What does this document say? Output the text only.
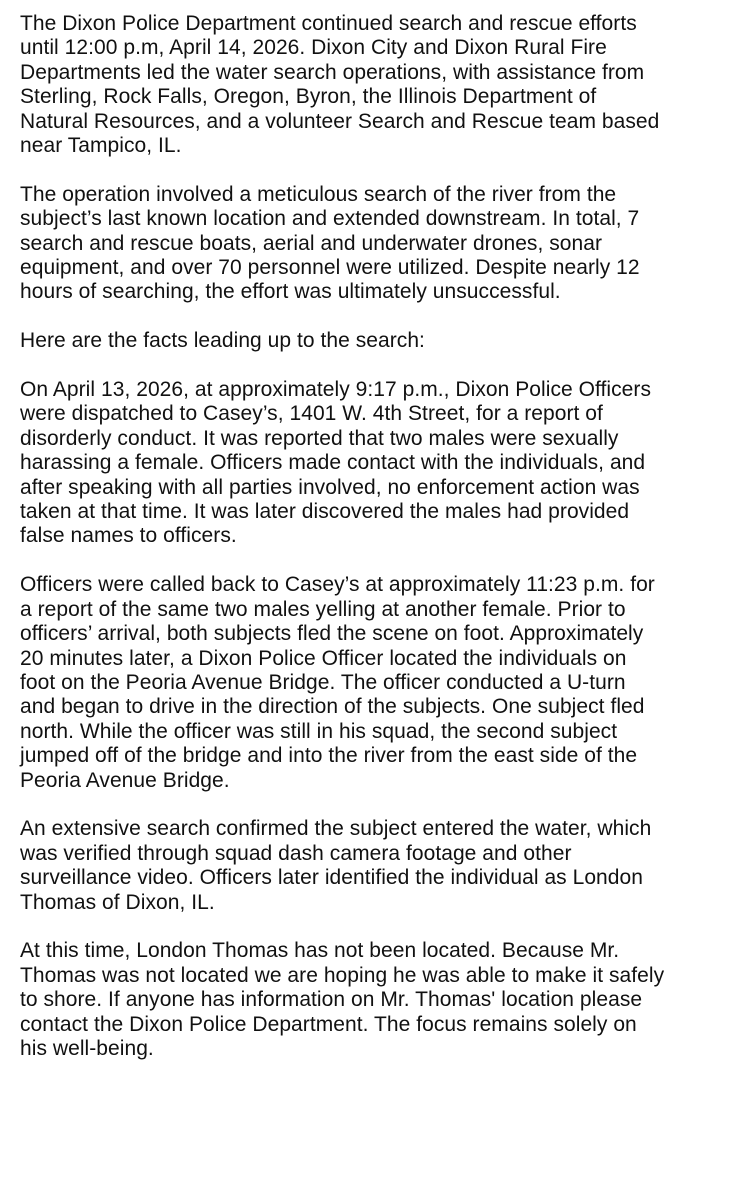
The Dixon Police Department continued search and rescue efforts
until 12:00 p.m, April 14, 2026. Dixon City and Dixon Rural Fire
Departments led the water search operations, with assistance from
Sterling, Rock Falls, Oregon, Byron, the Illinois Department of
Natural Resources, and a volunteer Search and Rescue team based
near Tampico, IL.

The operation involved a meticulous search of the river from the
subject’s last known location and extended downstream. In total, 7
search and rescue boats, aerial and underwater drones, sonar
equipment, and over 70 personnel were utilized. Despite nearly 12
hours of searching, the effort was ultimately unsuccessful.

Here are the facts leading up to the search:

On April 13, 2026, at approximately 9:17 p.m., Dixon Police Officers
were dispatched to Casey’s, 1401 W. 4th Street, for a report of
disorderly conduct. It was reported that two males were sexually
harassing a female. Officers made contact with the individuals, and
after speaking with all parties involved, no enforcement action was
taken at that time. It was later discovered the males had provided
false names to officers.

Officers were called back to Casey’s at approximately 11:23 p.m. for
a report of the same two males yelling at another female. Prior to
officers’ arrival, both subjects fled the scene on foot. Approximately
20 minutes later, a Dixon Police Officer located the individuals on
foot on the Peoria Avenue Bridge. The officer conducted a U-turn
and began to drive in the direction of the subjects. One subject fled
north. While the officer was still in his squad, the second subject
jumped off of the bridge and into the river from the east side of the
Peoria Avenue Bridge.

An extensive search confirmed the subject entered the water, which
was verified through squad dash camera footage and other
surveillance video. Officers later identified the individual as London
Thomas of Dixon, IL.

At this time, London Thomas has not been located. Because Mr.
Thomas was not located we are hoping he was able to make it safely
to shore. If anyone has information on Mr. Thomas' location please
contact the Dixon Police Department. The focus remains solely on
his well-being.
